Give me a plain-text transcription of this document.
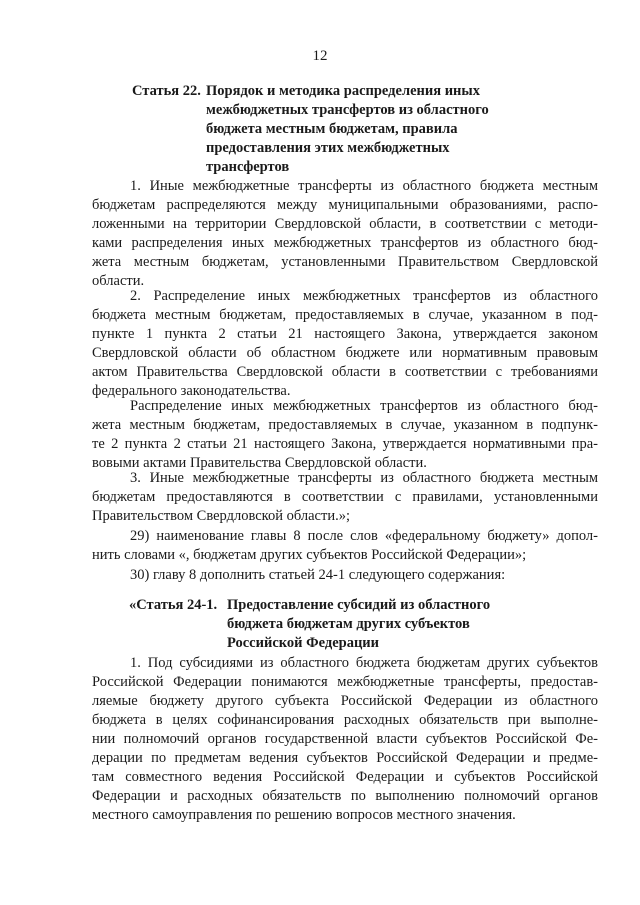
12
Статья 22. Порядок и методика распределения иных
межбюджетных трансфертов из областного
бюджета местным бюджетам, правила
предоставления этих межбюджетных
трансфертов
1. Иные межбюджетные трансферты из областного бюджета местным
бюджетам распределяются между муниципальными образованиями, распо-
ложенными на территории Свердловской области, в соответствии с методи-
ками распределения иных межбюджетных трансфертов из областного бюд-
жета местным бюджетам, установленными Правительством Свердловской
области.
2. Распределение иных межбюджетных трансфертов из областного
бюджета местным бюджетам, предоставляемых в случае, указанном в под-
пункте 1 пункта 2 статьи 21 настоящего Закона, утверждается законом
Свердловской области об областном бюджете или нормативным правовым
актом Правительства Свердловской области в соответствии с требованиями
федерального законодательства.
Распределение иных межбюджетных трансфертов из областного бюд-
жета местным бюджетам, предоставляемых в случае, указанном в подпунк-
те 2 пункта 2 статьи 21 настоящего Закона, утверждается нормативными пра-
вовыми актами Правительства Свердловской области.
3. Иные межбюджетные трансферты из областного бюджета местным
бюджетам предоставляются в соответствии с правилами, установленными
Правительством Свердловской области.»;
29) наименование главы 8 после слов «федеральному бюджету» допол-
нить словами «, бюджетам других субъектов Российской Федерации»;
30) главу 8 дополнить статьей 24-1 следующего содержания:
«Статья 24-1. Предоставление субсидий из областного
бюджета бюджетам других субъектов
Российской Федерации
1. Под субсидиями из областного бюджета бюджетам других субъектов
Российской Федерации понимаются межбюджетные трансферты, предостав-
ляемые бюджету другого субъекта Российской Федерации из областного
бюджета в целях софинансирования расходных обязательств при выполне-
нии полномочий органов государственной власти субъектов Российской Фе-
дерации по предметам ведения субъектов Российской Федерации и предме-
там совместного ведения Российской Федерации и субъектов Российской
Федерации и расходных обязательств по выполнению полномочий органов
местного самоуправления по решению вопросов местного значения.
